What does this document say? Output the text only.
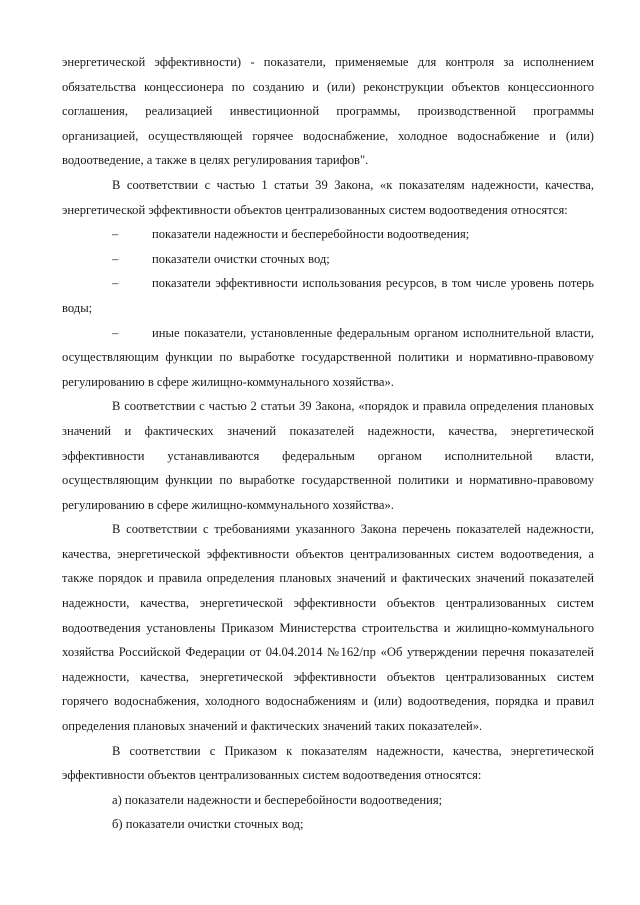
энергетической эффективности) - показатели, применяемые для контроля за исполнением обязательства концессионера по созданию и (или) реконструкции объектов концессионного соглашения, реализацией инвестиционной программы, производственной программы организацией, осуществляющей горячее водоснабжение, холодное водоснабжение и (или) водоотведение, а также в целях регулирования тарифов".

В соответствии с частью 1 статьи 39 Закона, «к показателям надежности, качества, энергетической эффективности объектов централизованных систем водоотведения относятся:

–	показатели надежности и бесперебойности водоотведения;

–	показатели очистки сточных вод;

–	показатели эффективности использования ресурсов, в том числе уровень потерь воды;

–	иные показатели, установленные федеральным органом исполнительной власти, осуществляющим функции по выработке государственной политики и нормативно-правовому регулированию в сфере жилищно-коммунального хозяйства».

В соответствии с частью 2 статьи 39 Закона, «порядок и правила определения плановых значений и фактических значений показателей надежности, качества, энергетической эффективности устанавливаются федеральным органом исполнительной власти, осуществляющим функции по выработке государственной политики и нормативно-правовому регулированию в сфере жилищно-коммунального хозяйства».

В соответствии с требованиями указанного Закона перечень показателей надежности, качества, энергетической эффективности объектов централизованных систем водоотведения, а также порядок и правила определения плановых значений и фактических значений показателей надежности, качества, энергетической эффективности объектов централизованных систем водоотведения установлены Приказом Министерства строительства и жилищно-коммунального хозяйства Российской Федерации от 04.04.2014 №162/пр «Об утверждении перечня показателей надежности, качества, энергетической эффективности объектов централизованных систем горячего водоснабжения, холодного водоснабжениям и (или) водоотведения, порядка и правил определения плановых значений и фактических значений таких показателей».

В соответствии с Приказом к показателям надежности, качества, энергетической эффективности объектов централизованных систем водоотведения относятся:

а) показатели надежности и бесперебойности водоотведения;

б) показатели очистки сточных вод;
